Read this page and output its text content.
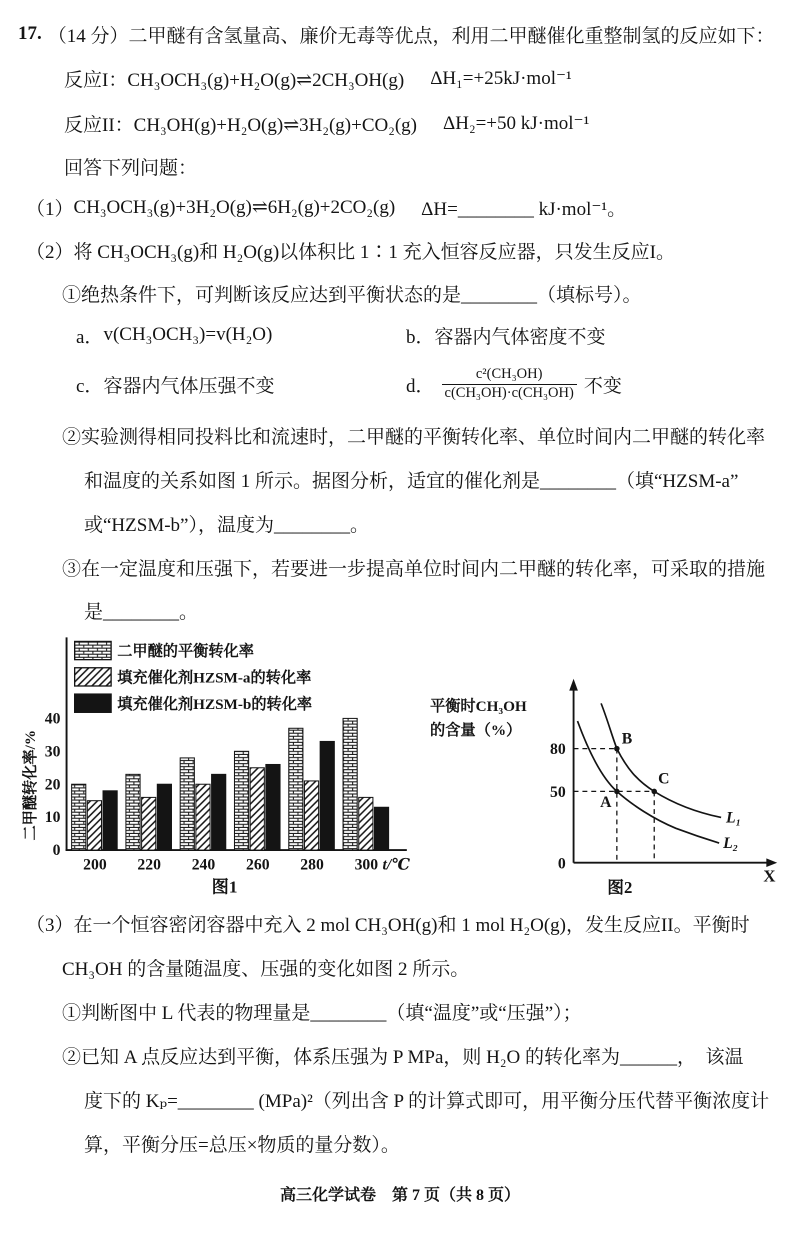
17. （14 分）二甲醚有含氢量高、廉价无毒等优点，利用二甲醚催化重整制氢的反应如下：
反应I：CH₃OCH₃(g)+H₂O(g)⇌2CH₃OH(g) ΔH₁=+25kJ·mol⁻¹
反应II：CH₃OH(g)+H₂O(g)⇌3H₂(g)+CO₂(g) ΔH₂=+50 kJ·mol⁻¹
回答下列问题：
（1） CH₃OCH₃(g)+3H₂O(g)⇌6H₂(g)+2CO₂(g) ΔH=________ kJ·mol⁻¹。
（2） 将 CH₃OCH₃(g)和 H₂O(g)以体积比 1∶1 充入恒容反应器，只发生反应I。
①绝热条件下，可判断该反应达到平衡状态的是________（填标号）。
a． v(CH₃OCH₃)=v(H₂O)	b． 容器内气体密度不变
c． 容器内气体压强不变	d． $\frac{\text{c²(CH₃OH)}}{\text{c(CH₃OH)·c(CH₃OH)}}$ 不变
②实验测得相同投料比和流速时，二甲醚的平衡转化率、单位时间内二甲醚的转化率
和温度的关系如图 1 所示。据图分析，适宜的催化剂是________（填“HZSM-a”
或“HZSM-b”），温度为________。
③在一定温度和压强下，若要进一步提高单位时间内二甲醚的转化率，可采取的措施
是________。
二甲醚的平衡转化率
填充催化剂HZSM-a的转化率
填充催化剂HZSM-b的转化率
0
10
20
30
40
二甲醚转化率/%
200 220 240 260 280 300 t/℃
图1
平衡时CH₃OH
的含量（%）
80
50
0
L₁
L₂
B
A
C
X
图2
（3） 在一个恒容密闭容器中充入 2 mol CH₃OH(g)和 1 mol H₂O(g)，发生反应II。平衡时
CH₃OH 的含量随温度、压强的变化如图 2 所示。
①判断图中 L 代表的物理量是________（填“温度”或“压强”）；
②已知 A 点反应达到平衡，体系压强为 P MPa，则 H₂O 的转化率为______，  该温
度下的 Kₚ=________ (MPa)²（列出含 P 的计算式即可，用平衡分压代替平衡浓度计
算，平衡分压=总压×物质的量分数）。
高三化学试卷　第 7 页（共 8 页）
